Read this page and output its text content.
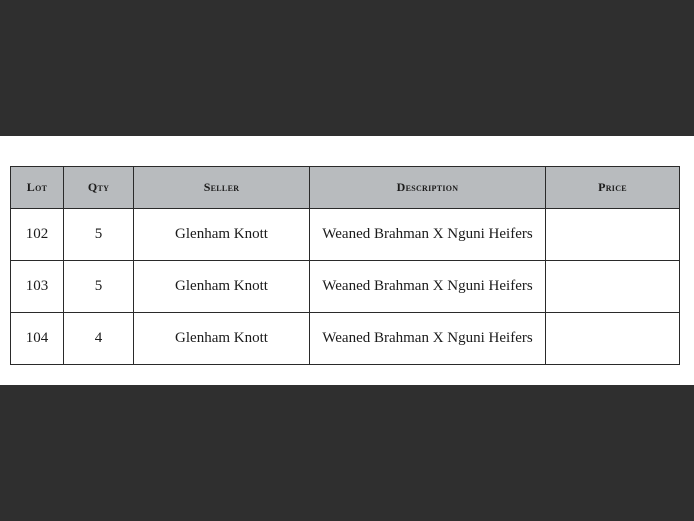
Lot	Qty	Seller	Description	Price
102	5	Glenham Knott	Weaned Brahman X Nguni Heifers	
103	5	Glenham Knott	Weaned Brahman X Nguni Heifers	
104	4	Glenham Knott	Weaned Brahman X Nguni Heifers	
